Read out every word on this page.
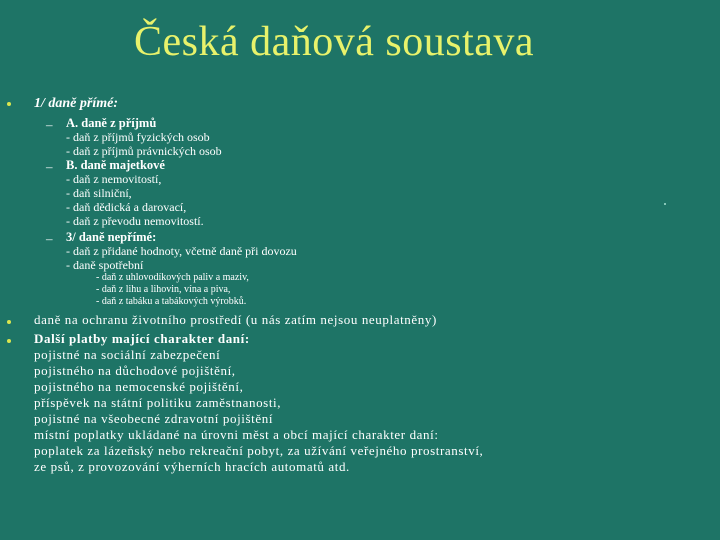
Česká daňová soustava
1/ daně přímé:
– A. daně z příjmů
- daň z příjmů fyzických osob
- daň z příjmů právnických osob
– B. daně majetkové
- daň z nemovitostí,
- daň silniční,
- daň dědická a darovací,
- daň z převodu nemovitostí.
– 3/ daně nepřímé:
- daň z přidané hodnoty, včetně daně při dovozu
- daně spotřební
- daň z uhlovodíkových paliv a maziv,
- daň z lihu a lihovin, vína a piva,
- daň z tabáku a tabákových výrobků.
daně na ochranu životního prostředí (u nás zatím nejsou neuplatněny)
Další platby mající charakter daní:
pojistné na sociální zabezpečení
pojistného na důchodové pojištění,
pojistného na nemocenské pojištění,
příspěvek na státní politiku zaměstnanosti,
pojistné na všeobecné zdravotní pojištění
místní poplatky ukládané na úrovni měst a obcí mající charakter daní:
poplatek za lázeňský nebo rekreační pobyt, za užívání veřejného prostranství,
ze psů, z provozování výherních hracích automatů atd.
